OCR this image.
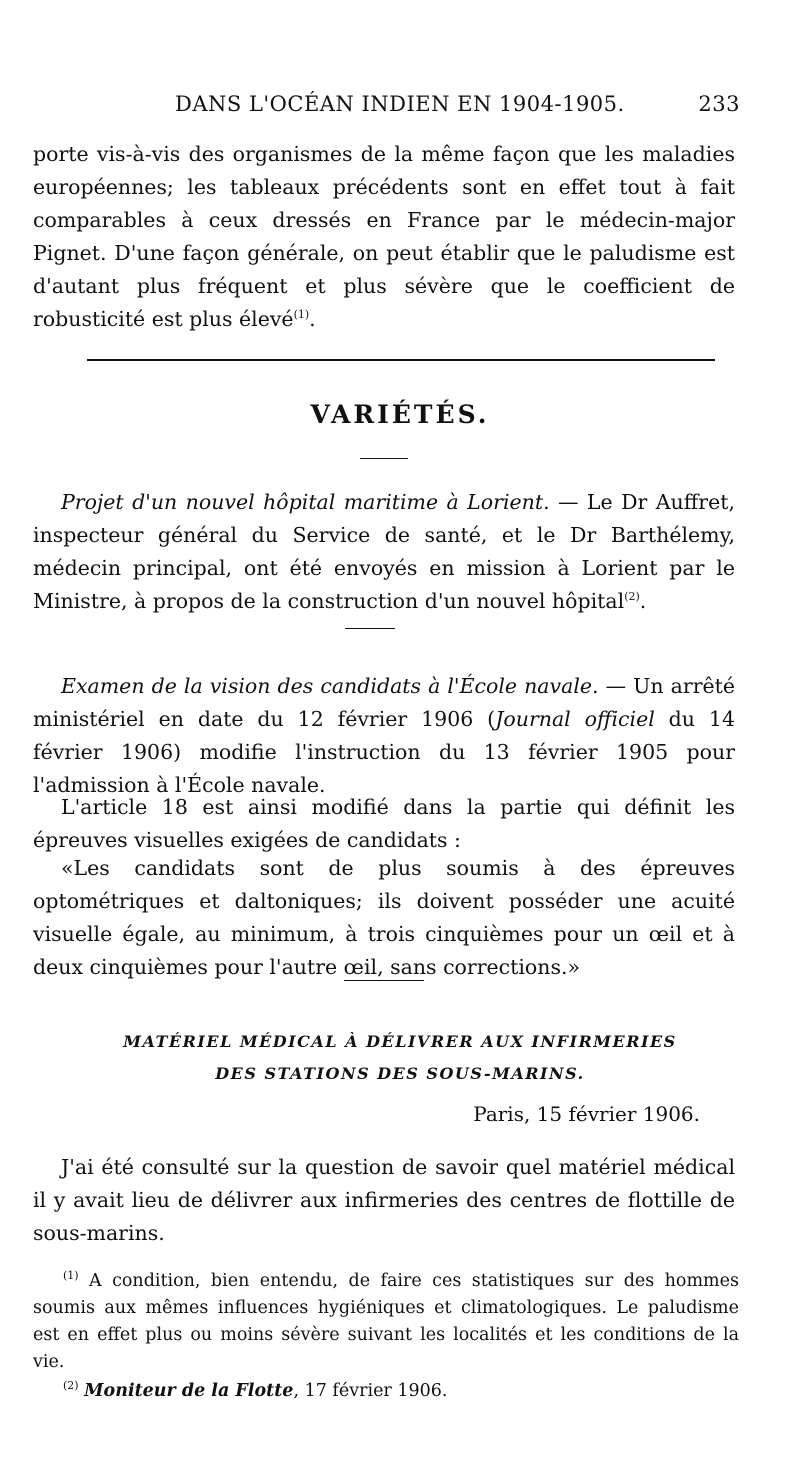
DANS L'OCÉAN INDIEN EN 1904-1905.	233

porte vis-à-vis des organismes de la même façon que les maladies européennes; les tableaux précédents sont en effet tout à fait comparables à ceux dressés en France par le médecin-major Pignet. D'une façon générale, on peut établir que le paludisme est d'autant plus fréquent et plus sévère que le coefficient de robusticité est plus élevé$^{(1)}$.

VARIÉTÉS.

Projet d'un nouvel hôpital maritime à Lorient. — Le Dr Auffret, inspecteur général du Service de santé, et le Dr Barthélemy, médecin principal, ont été envoyés en mission à Lorient par le Ministre, à propos de la construction d'un nouvel hôpital$^{(2)}$.

Examen de la vision des candidats à l'École navale. — Un arrêté ministériel en date du 12 février 1906 (Journal officiel du 14 février 1906) modifie l'instruction du 13 février 1905 pour l'admission à l'École navale.

L'article 18 est ainsi modifié dans la partie qui définit les épreuves visuelles exigées de candidats :

«Les candidats sont de plus soumis à des épreuves optométriques et daltoniques; ils doivent posséder une acuité visuelle égale, au minimum, à trois cinquièmes pour un œil et à deux cinquièmes pour l'autre œil, sans corrections.»

MATÉRIEL MÉDICAL À DÉLIVRER AUX INFIRMERIES

DES STATIONS DES SOUS-MARINS.

Paris, 15 février 1906.

J'ai été consulté sur la question de savoir quel matériel médical il y avait lieu de délivrer aux infirmeries des centres de flottille de sous-marins.

$^{(1)}$ A condition, bien entendu, de faire ces statistiques sur des hommes soumis aux mêmes influences hygiéniques et climatologiques. Le paludisme est en effet plus ou moins sévère suivant les localités et les conditions de la vie.

$^{(2)}$ Moniteur de la Flotte, 17 février 1906.
